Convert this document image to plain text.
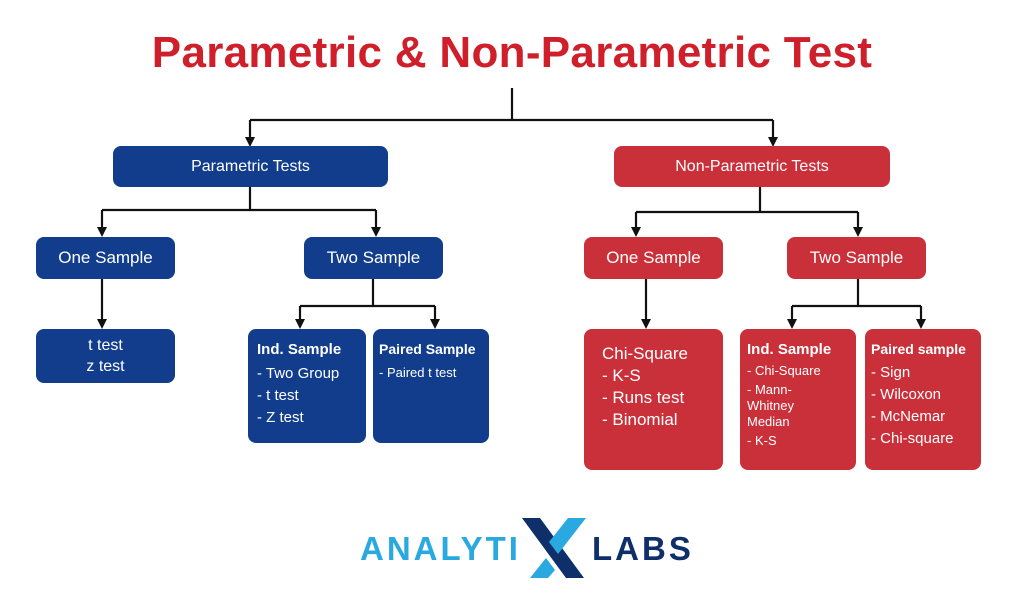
Parametric & Non-Parametric Test
Parametric Tests	Non-Parametric Tests
One Sample	Two Sample	One Sample	Two Sample
t test
z test
Ind. Sample
- Two Group
- t test
- Z test
Paired Sample
- Paired t test
Chi-Square
- K-S
- Runs test
- Binomial
Ind. Sample
- Chi-Square
- Mann-Whitney Median
- K-S
Paired sample
- Sign
- Wilcoxon
- McNemar
- Chi-square
ANALYTI LABS
